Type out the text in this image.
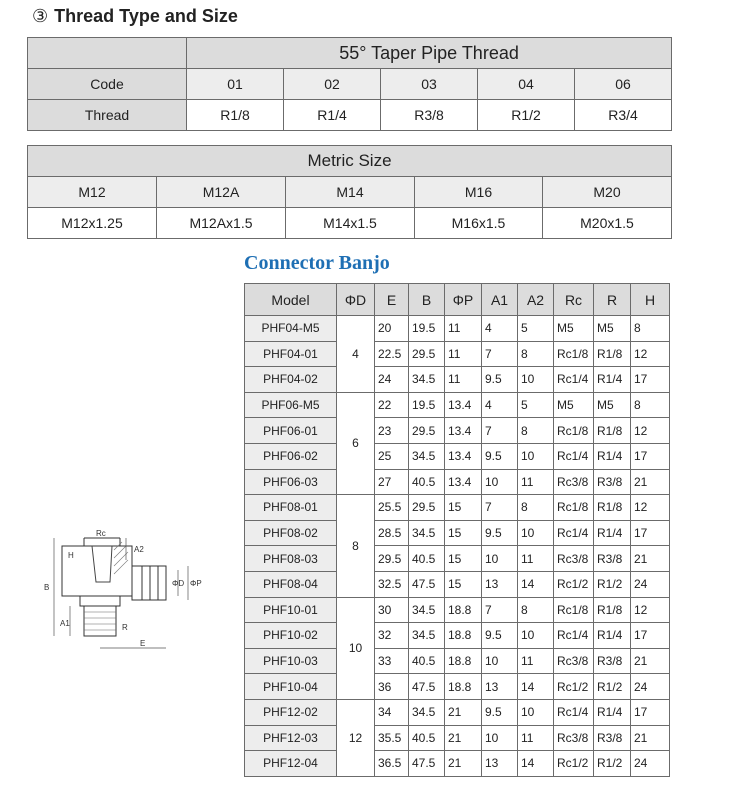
③ Thread Type and Size
	55° Taper Pipe Thread				
Code	01	02	03	04	06
Thread	R1/8	R1/4	R3/8	R1/2	R3/4
Metric Size				
M12	M12A	M14	M16	M20
M12x1.25	M12Ax1.5	M14x1.5	M16x1.5	M20x1.5
Connector Banjo
Model	ΦD	E	B	ΦP	A1	A2	Rc	R	H
PHF04-M5	4	20	19.5	11	4	5	M5	M5	8
PHF04-01		22.5	29.5	11	7	8	Rc1/8	R1/8	12
PHF04-02		24	34.5	11	9.5	10	Rc1/4	R1/4	17
PHF06-M5	6	22	19.5	13.4	4	5	M5	M5	8
PHF06-01		23	29.5	13.4	7	8	Rc1/8	R1/8	12
PHF06-02		25	34.5	13.4	9.5	10	Rc1/4	R1/4	17
PHF06-03		27	40.5	13.4	10	11	Rc3/8	R3/8	21
PHF08-01	8	25.5	29.5	15	7	8	Rc1/8	R1/8	12
PHF08-02		28.5	34.5	15	9.5	10	Rc1/4	R1/4	17
PHF08-03		29.5	40.5	15	10	11	Rc3/8	R3/8	21
PHF08-04		32.5	47.5	15	13	14	Rc1/2	R1/2	24
PHF10-01	10	30	34.5	18.8	7	8	Rc1/8	R1/8	12
PHF10-02		32	34.5	18.8	9.5	10	Rc1/4	R1/4	17
PHF10-03		33	40.5	18.8	10	11	Rc3/8	R3/8	21
PHF10-04		36	47.5	18.8	13	14	Rc1/2	R1/2	24
PHF12-02	12	34	34.5	21	9.5	10	Rc1/4	R1/4	17
PHF12-03		35.5	40.5	21	10	11	Rc3/8	R3/8	21
PHF12-04		36.5	47.5	21	13	14	Rc1/2	R1/2	24
Rc
H
A2
B	ΦD ΦP
R
E
A1
